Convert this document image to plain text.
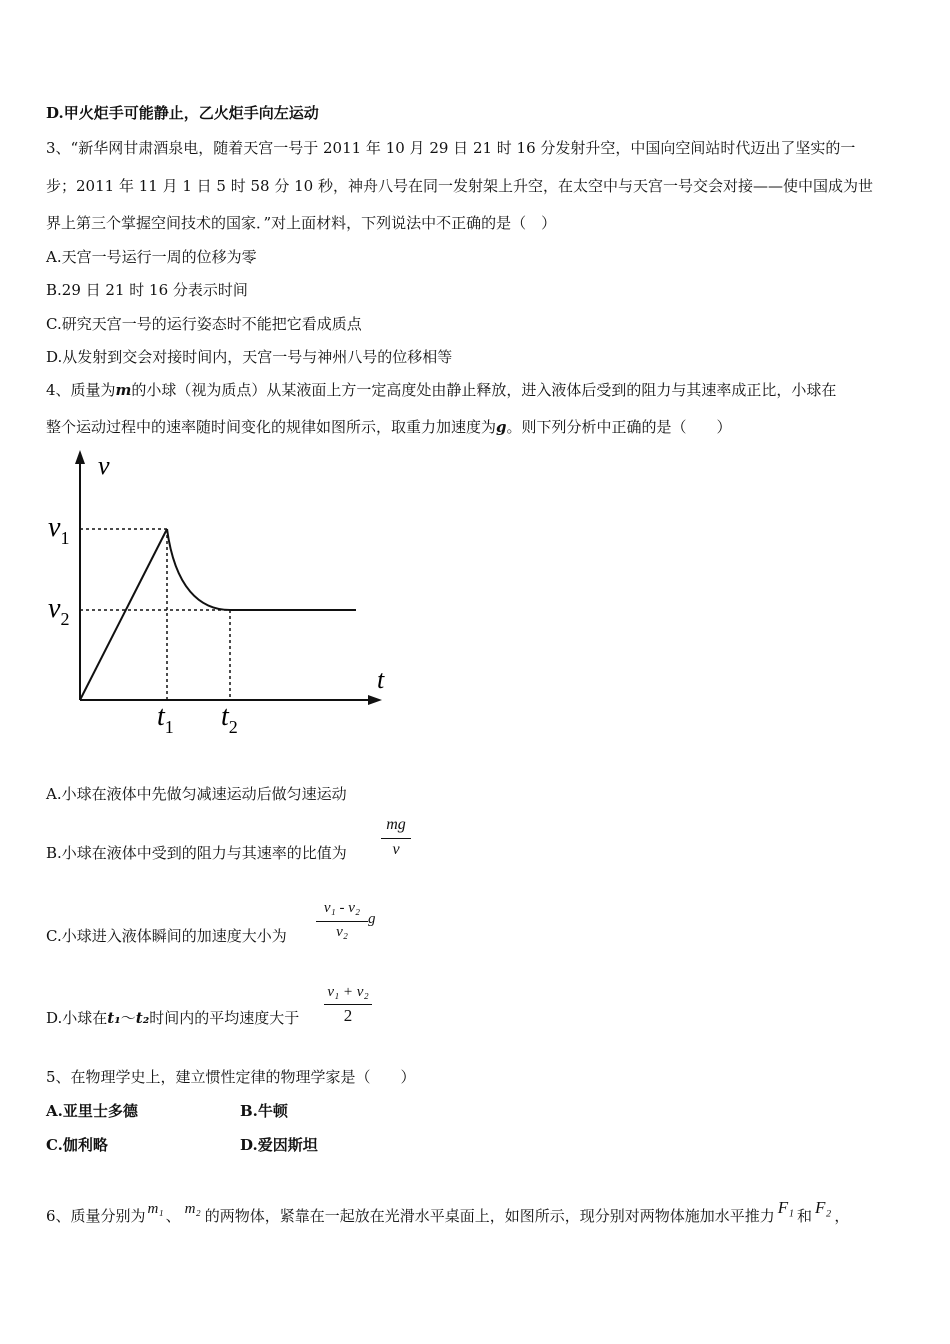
D.甲火炬手可能静止，乙火炬手向左运动
3、“新华网甘肃酒泉电，随着天宫一号于 2011 年 10 月 29 日 21 时 16 分发射升空，中国向空间站时代迈出了坚实的一
步；2011 年 11 月 1 日 5 时 58 分 10 秒，神舟八号在同一发射架上升空，在太空中与天宫一号交会对接——使中国成为世
界上第三个掌握空间技术的国家．”对上面材料，下列说法中不正确的是（　）
A.天宫一号运行一周的位移为零
B.29 日 21 时 16 分表示时间
C.研究天宫一号的运行姿态时不能把它看成质点
D.从发射到交会对接时间内，天宫一号与神州八号的位移相等
4、质量为m的小球（视为质点）从某液面上方一定高度处由静止释放，进入液体后受到的阻力与其速率成正比，小球在
整个运动过程中的速率随时间变化的规律如图所示，取重力加速度为g。则下列分析中正确的是（　　）
v
t
$v_1$
$v_2$
$t_1$ $t_2$
A.小球在液体中先做匀减速运动后做匀速运动
B.小球在液体中受到的阻力与其速率的比值为
mg
v
C.小球进入液体瞬间的加速度大小为
v₁ - v₂
v₂
g
D.小球在t₁～t₂时间内的平均速度大于
v₁ + v₂
2
5、在物理学史上，建立惯性定律的物理学家是（　　）
A.亚里士多德	B.牛顿
C.伽利略	D.爱因斯坦
6、质量分别为 m₁ 、 m₂ 的两物体，紧靠在一起放在光滑水平桌面上，如图所示，现分别对两物体施加水平推力 F₁ 和 F₂ ，
